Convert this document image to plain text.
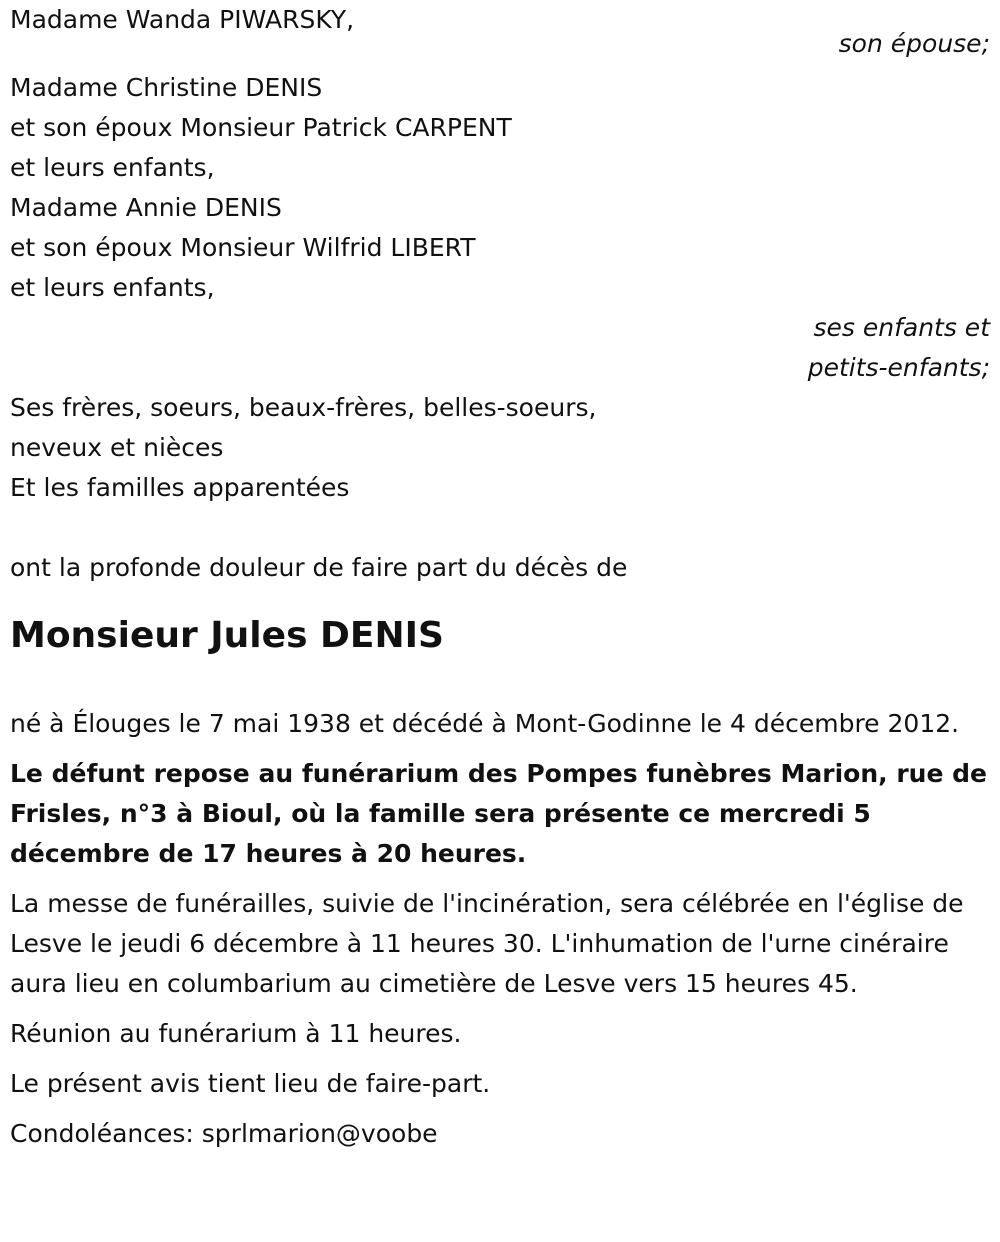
Madame Wanda PIWARSKY,

son épouse;

Madame Christine DENIS

et son époux Monsieur Patrick CARPENT

et leurs enfants,

Madame Annie DENIS

et son époux Monsieur Wilfrid LIBERT

et leurs enfants,

ses enfants et

petits-enfants;

Ses frères, soeurs, beaux-frères, belles-soeurs,

neveux et nièces

Et les familles apparentées

ont la profonde douleur de faire part du décès de

Monsieur Jules DENIS

né à Élouges le 7 mai 1938 et décédé à Mont-Godinne le 4 décembre 2012.

Le défunt repose au funérarium des Pompes funèbres Marion, rue de Frisles, n°3 à Bioul, où la famille sera présente ce mercredi 5 décembre de 17 heures à 20 heures.

La messe de funérailles, suivie de l'incinération, sera célébrée en l'église de Lesve le jeudi 6 décembre à 11 heures 30. L'inhumation de l'urne cinéraire aura lieu en columbarium au cimetière de Lesve vers 15 heures 45.

Réunion au funérarium à 11 heures.

Le présent avis tient lieu de faire-part.

Condoléances: sprlmarion@voobe
